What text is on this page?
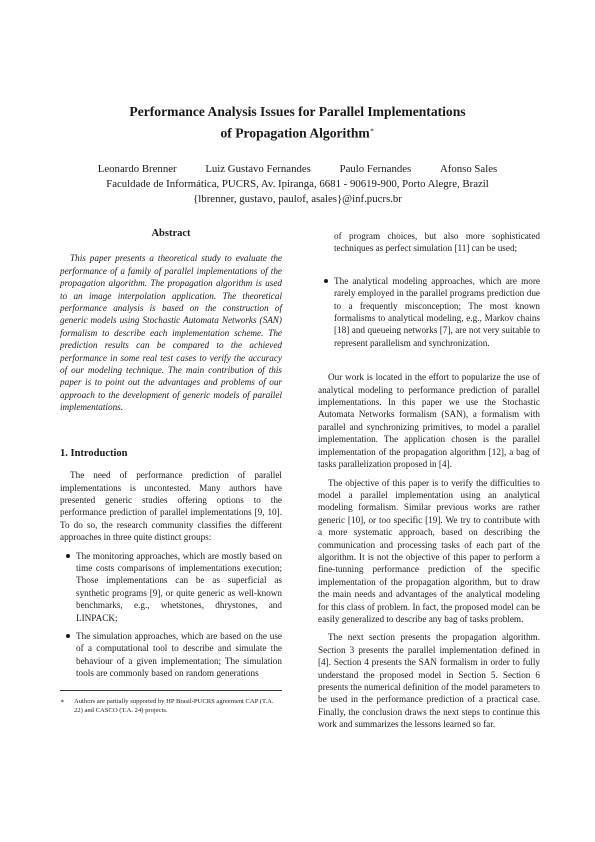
Performance Analysis Issues for Parallel Implementations
of Propagation Algorithm∗
Leonardo Brenner	Luiz Gustavo Fernandes	Paulo Fernandes	Afonso Sales
Faculdade de Informática, PUCRS, Av. Ipiranga, 6681 - 90619-900, Porto Alegre, Brazil
{lbrenner, gustavo, paulof, asales}@inf.pucrs.br
Abstract

This paper presents a theoretical study to evaluate the performance of a family of parallel implementations of the propagation algorithm. The propagation algorithm is used to an image interpolation application. The theoretical performance analysis is based on the construction of generic models using Stochastic Automata Networks (SAN) formalism to describe each implementation scheme. The prediction results can be compared to the achieved performance in some real test cases to verify the accuracy of our modeling technique. The main contribution of this paper is to point out the advantages and problems of our approach to the development of generic models of parallel implementations.

1. Introduction

The need of performance prediction of parallel implementations is uncontested. Many authors have presented generic studies offering options to the performance prediction of parallel implementations [9, 10]. To do so, the research community classifies the different approaches in three quite distinct groups:

The monitoring approaches, which are mostly based on time costs comparisons of implementations execution; Those implementations can be as superficial as synthetic programs [9], or quite generic as well-known benchmarks, e.g., whetstones, dhrystones, and LINPACK;
The simulation approaches, which are based on the use of a computational tool to describe and simulate the behaviour of a given implementation; The simulation tools are commonly based on random generations
∗ Authors are partially supported by HP Brasil-PUCRS agreement CAP (T.A. 22) and CASCO (T.A. 24) projects.
of program choices, but also more sophisticated techniques as perfect simulation [11] can be used;
The analytical modeling approaches, which are more rarely employed in the parallel programs prediction due to a frequently misconception; The most known formalisms to analytical modeling, e.g., Markov chains [18] and queueing networks [7], are not very suitable to represent parallelism and synchronization.

Our work is located in the effort to popularize the use of analytical modeling to performance prediction of parallel implementations. In this paper we use the Stochastic Automata Networks formalism (SAN), a formalism with parallel and synchronizing primitives, to model a parallel implementation. The application chosen is the parallel implementation of the propagation algorithm [12], a bag of tasks parallelization proposed in [4].

The objective of this paper is to verify the difficulties to model a parallel implementation using an analytical modeling formalism. Similar previous works are rather generic [10], or too specific [19]. We try to contribute with a more systematic approach, based on describing the communication and processing tasks of each part of the algorithm. It is not the objective of this paper to perform a fine-tunning performance prediction of the specific implementation of the propagation algorithm, but to draw the main needs and advantages of the analytical modeling for this class of problem. In fact, the proposed model can be easily generalized to describe any bag of tasks problem.

The next section presents the propagation algorithm. Section 3 presents the parallel implementation defined in [4]. Section 4 presents the SAN formalism in order to fully understand the proposed model in Section 5. Section 6 presents the numerical definition of the model parameters to be used in the performance prediction of a practical case. Finally, the conclusion draws the next steps to continue this work and summarizes the lessons learned so far.
